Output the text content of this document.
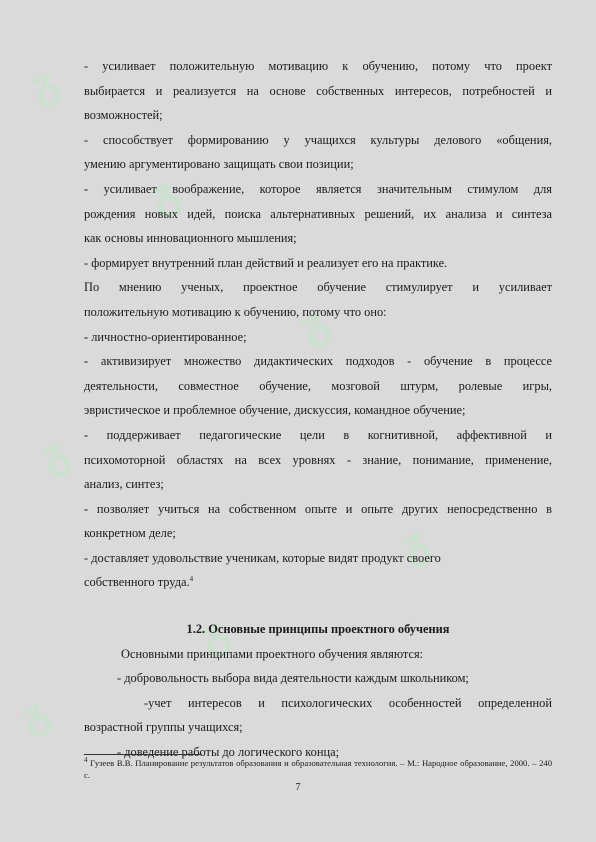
ᵹ
ᵹ
ᵹ
ᵹ
ᵹ
ᵹ
ᵹ

- усиливает положительную мотивацию к обучению, потому что проект

выбирается и реализуется на основе собственных интересов, потребностей и

возможностей;

- способствует формированию у учащихся культуры делового «общения,

умению аргументировано защищать свои позиции;

- усиливает воображение, которое является значительным стимулом для

рождения новых идей, поиска альтернативных решений, их анализа и синтеза

как основы инновационного мышления;

- формирует внутренний план действий и реализует его на практике.

По мнению ученых, проектное обучение стимулирует и усиливает

положительную мотивацию к обучению, потому что оно:

- личностно-ориентированное;

- активизирует множество дидактических подходов - обучение в процессе

деятельности, совместное обучение, мозговой штурм, ролевые игры,

эвристическое и проблемное обучение, дискуссия, командное обучение;

- поддерживает педагогические цели в когнитивной, аффективной и

психомоторной областях на всех уровнях - знание, понимание, применение,

анализ, синтез;

- позволяет учиться на собственном опыте и опыте других непосредственно в

конкретном деле;

- доставляет удовольствие ученикам, которые видят продукт своего

собственного труда.$^4$

1.2. Основные принципы проектного обучения

Основными принципами проектного обучения являются:

- добровольность выбора вида деятельности каждым школьником;

-учет интересов и психологических особенностей определенной

возрастной группы учащихся;

- доведение работы до логического конца;

$^4$ Гузеев В.В. Планирование результатов образования и образовательная технология. – М.: Народное образование, 2000. – 240 с.
7
